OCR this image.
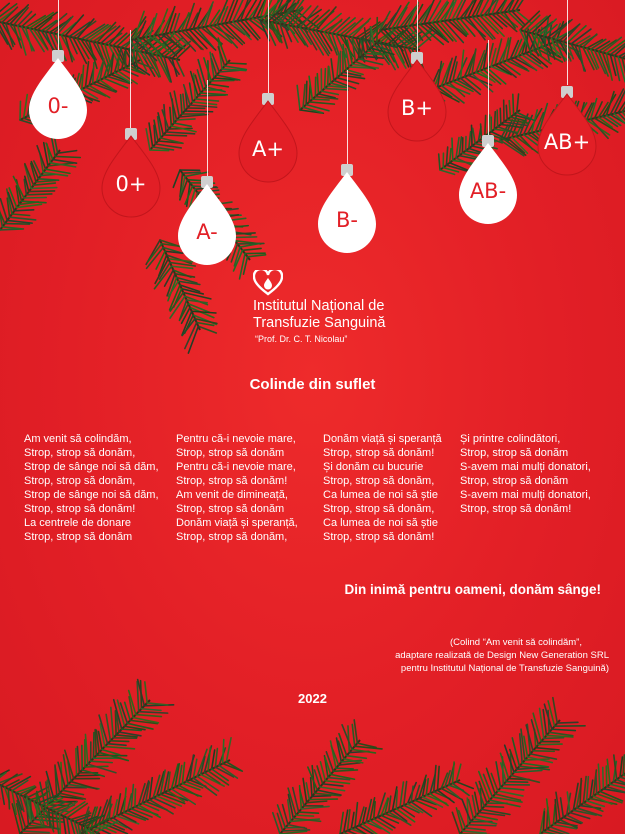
0-
0+
A-
A+
B-
B+
AB-
AB+
Institutul Național de
Transfuzie Sanguină
“Prof. Dr. C. T. Nicolau”
Colinde din suflet
Am venit să colindăm,
Strop, strop să donăm,
Strop de sânge noi să dăm,
Strop, strop să donăm,
Strop de sânge noi să dăm,
Strop, strop să donăm!
La centrele de donare
Strop, strop să donăm
Pentru că-i nevoie mare,
Strop, strop să donăm
Pentru că-i nevoie mare,
Strop, strop să donăm!
Am venit de dimineață,
Strop, strop să donăm
Donăm viață și speranță,
Strop, strop să donăm,
Donăm viață și speranță
Strop, strop să donăm!
Și donăm cu bucurie
Strop, strop să donăm,
Ca lumea de noi să știe
Strop, strop să donăm,
Ca lumea de noi să știe
Strop, strop să donăm!
Și printre colindători,
Strop, strop să donăm
S-avem mai mulți donatori,
Strop, strop să donăm
S-avem mai mulți donatori,
Strop, strop să donăm!
Din inimă pentru oameni, donăm sânge!
(Colind “Am venit să colindăm”,
adaptare realizată de Design New Generation SRL
pentru Institutul Național de Transfuzie Sanguină)
2022
